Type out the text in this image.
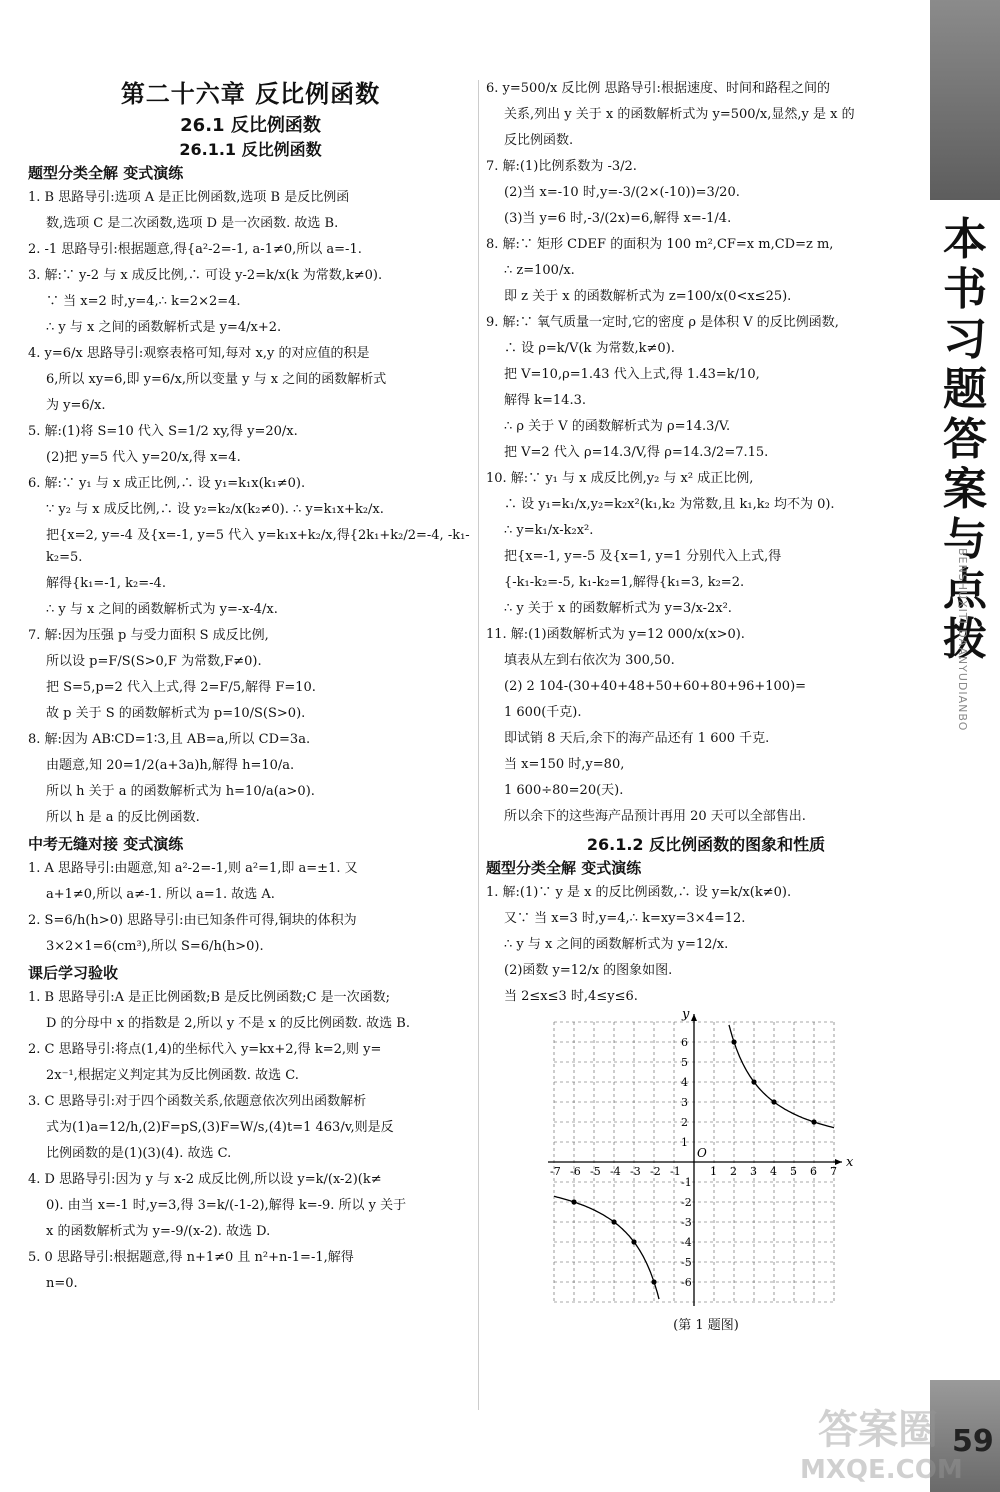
第二十六章 反比例函数
26.1 反比例函数
26.1.1 反比例函数
题型分类全解 变式演练
1. B 思路导引:选项 A 是正比例函数,选项 B 是反比例函
数,选项 C 是二次函数,选项 D 是一次函数. 故选 B.
2. -1 思路导引:根据题意,得{a²-2=-1, a-1≠0,所以 a=-1.
3. 解:∵ y-2 与 x 成反比例,∴ 可设 y-2=k/x(k 为常数,k≠0).
∵ 当 x=2 时,y=4,∴ k=2×2=4.
∴ y 与 x 之间的函数解析式是 y=4/x+2.
4. y=6/x 思路导引:观察表格可知,每对 x,y 的对应值的积是
6,所以 xy=6,即 y=6/x,所以变量 y 与 x 之间的函数解析式
为 y=6/x.
5. 解:(1)将 S=10 代入 S=1/2 xy,得 y=20/x.
(2)把 y=5 代入 y=20/x,得 x=4.
6. 解:∵ y₁ 与 x 成正比例,∴ 设 y₁=k₁x(k₁≠0).
∵ y₂ 与 x 成反比例,∴ 设 y₂=k₂/x(k₂≠0). ∴ y=k₁x+k₂/x.
把{x=2, y=-4 及{x=-1, y=5 代入 y=k₁x+k₂/x,得{2k₁+k₂/2=-4, -k₁-k₂=5.
解得{k₁=-1, k₂=-4.
∴ y 与 x 之间的函数解析式为 y=-x-4/x.
7. 解:因为压强 p 与受力面积 S 成反比例,
所以设 p=F/S(S>0,F 为常数,F≠0).
把 S=5,p=2 代入上式,得 2=F/5,解得 F=10.
故 p 关于 S 的函数解析式为 p=10/S(S>0).
8. 解:因为 AB∶CD=1∶3,且 AB=a,所以 CD=3a.
由题意,知 20=1/2(a+3a)h,解得 h=10/a.
所以 h 关于 a 的函数解析式为 h=10/a(a>0).
所以 h 是 a 的反比例函数.
中考无缝对接 变式演练
1. A 思路导引:由题意,知 a²-2=-1,则 a²=1,即 a=±1. 又
a+1≠0,所以 a≠-1. 所以 a=1. 故选 A.
2. S=6/h(h>0) 思路导引:由已知条件可得,铜块的体积为
3×2×1=6(cm³),所以 S=6/h(h>0).
课后学习验收
1. B 思路导引:A 是正比例函数;B 是反比例函数;C 是一次函数;
D 的分母中 x 的指数是 2,所以 y 不是 x 的反比例函数. 故选 B.
2. C 思路导引:将点(1,4)的坐标代入 y=kx+2,得 k=2,则 y=
2x⁻¹,根据定义判定其为反比例函数. 故选 C.
3. C 思路导引:对于四个函数关系,依题意依次列出函数解析
式为(1)a=12/h,(2)F=pS,(3)F=W/s,(4)t=1 463/v,则是反
比例函数的是(1)(3)(4). 故选 C.
4. D 思路导引:因为 y 与 x-2 成反比例,所以设 y=k/(x-2)(k≠
0). 由当 x=-1 时,y=3,得 3=k/(-1-2),解得 k=-9. 所以 y 关于
x 的函数解析式为 y=-9/(x-2). 故选 D.
5. 0 思路导引:根据题意,得 n+1≠0 且 n²+n-1=-1,解得
n=0.
6. y=500/x 反比例 思路导引:根据速度、时间和路程之间的
关系,列出 y 关于 x 的函数解析式为 y=500/x,显然,y 是 x 的
反比例函数.
7. 解:(1)比例系数为 -3/2.
(2)当 x=-10 时,y=-3/(2×(-10))=3/20.
(3)当 y=6 时,-3/(2x)=6,解得 x=-1/4.
8. 解:∵ 矩形 CDEF 的面积为 100 m²,CF=x m,CD=z m,
∴ z=100/x.
即 z 关于 x 的函数解析式为 z=100/x(0<x≤25).
9. 解:∵ 氧气质量一定时,它的密度 ρ 是体积 V 的反比例函数,
∴ 设 ρ=k/V(k 为常数,k≠0).
把 V=10,ρ=1.43 代入上式,得 1.43=k/10,
解得 k=14.3.
∴ ρ 关于 V 的函数解析式为 ρ=14.3/V.
把 V=2 代入 ρ=14.3/V,得 ρ=14.3/2=7.15.
10. 解:∵ y₁ 与 x 成反比例,y₂ 与 x² 成正比例,
∴ 设 y₁=k₁/x,y₂=k₂x²(k₁,k₂ 为常数,且 k₁,k₂ 均不为 0).
∴ y=k₁/x-k₂x².
把{x=-1, y=-5 及{x=1, y=1 分别代入上式,得
{-k₁-k₂=-5, k₁-k₂=1,解得{k₁=3, k₂=2.
∴ y 关于 x 的函数解析式为 y=3/x-2x².
11. 解:(1)函数解析式为 y=12 000/x(x>0).
填表从左到右依次为 300,50.
(2) 2 104-(30+40+48+50+60+80+96+100)=
1 600(千克).
即试销 8 天后,余下的海产品还有 1 600 千克.
当 x=150 时,y=80,
1 600÷80=20(天).
所以余下的这些海产品预计再用 20 天可以全部售出.
26.1.2 反比例函数的图象和性质
题型分类全解 变式演练
1. 解:(1)∵ y 是 x 的反比例函数,∴ 设 y=k/x(k≠0).
又∵ 当 x=3 时,y=4,∴ k=xy=3×4=12.
∴ y 与 x 之间的函数解析式为 y=12/x.
(2)函数 y=12/x 的图象如图.
当 2≤x≤3 时,4≤y≤6.
x
y
O
-7 -6 -5 -4 -3 -2 -1	1 2 3 4 5 6 7
6
5
4
3
2
1
-1
-2
-3
-4
-5
-6
(第 1 题图)
本书习题答案与点拨
BENSHUXITI DAANYUDIANBO
59
答案圈
MXQE.COM
